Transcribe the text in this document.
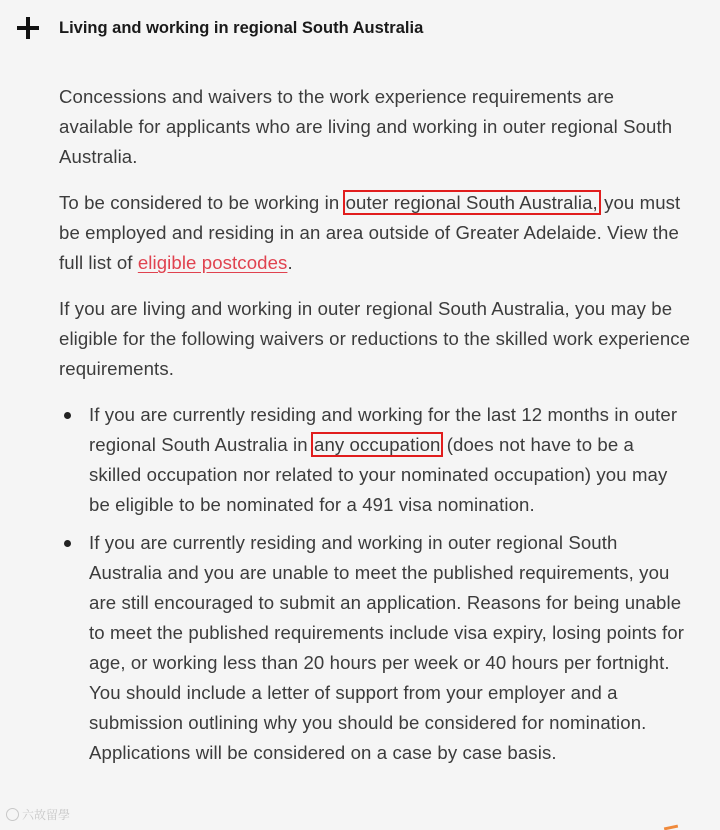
Living and working in regional South Australia

Concessions and waivers to the work experience requirements are available for applicants who are living and working in outer regional South Australia.

To be considered to be working in outer regional South Australia, you must be employed and residing in an area outside of Greater Adelaide. View the full list of eligible postcodes.

If you are living and working in outer regional South Australia, you may be eligible for the following waivers or reductions to the skilled work experience requirements.

If you are currently residing and working for the last 12 months in outer regional South Australia in any occupation (does not have to be a skilled occupation nor related to your nominated occupation) you may be eligible to be nominated for a 491 visa nomination.
If you are currently residing and working in outer regional South Australia and you are unable to meet the published requirements, you are still encouraged to submit an application. Reasons for being unable to meet the published requirements include visa expiry, losing points for age, or working less than 20 hours per week or 40 hours per fortnight. You should include a letter of support from your employer and a submission outlining why you should be considered for nomination. Applications will be considered on a case by case basis.
六故留學
